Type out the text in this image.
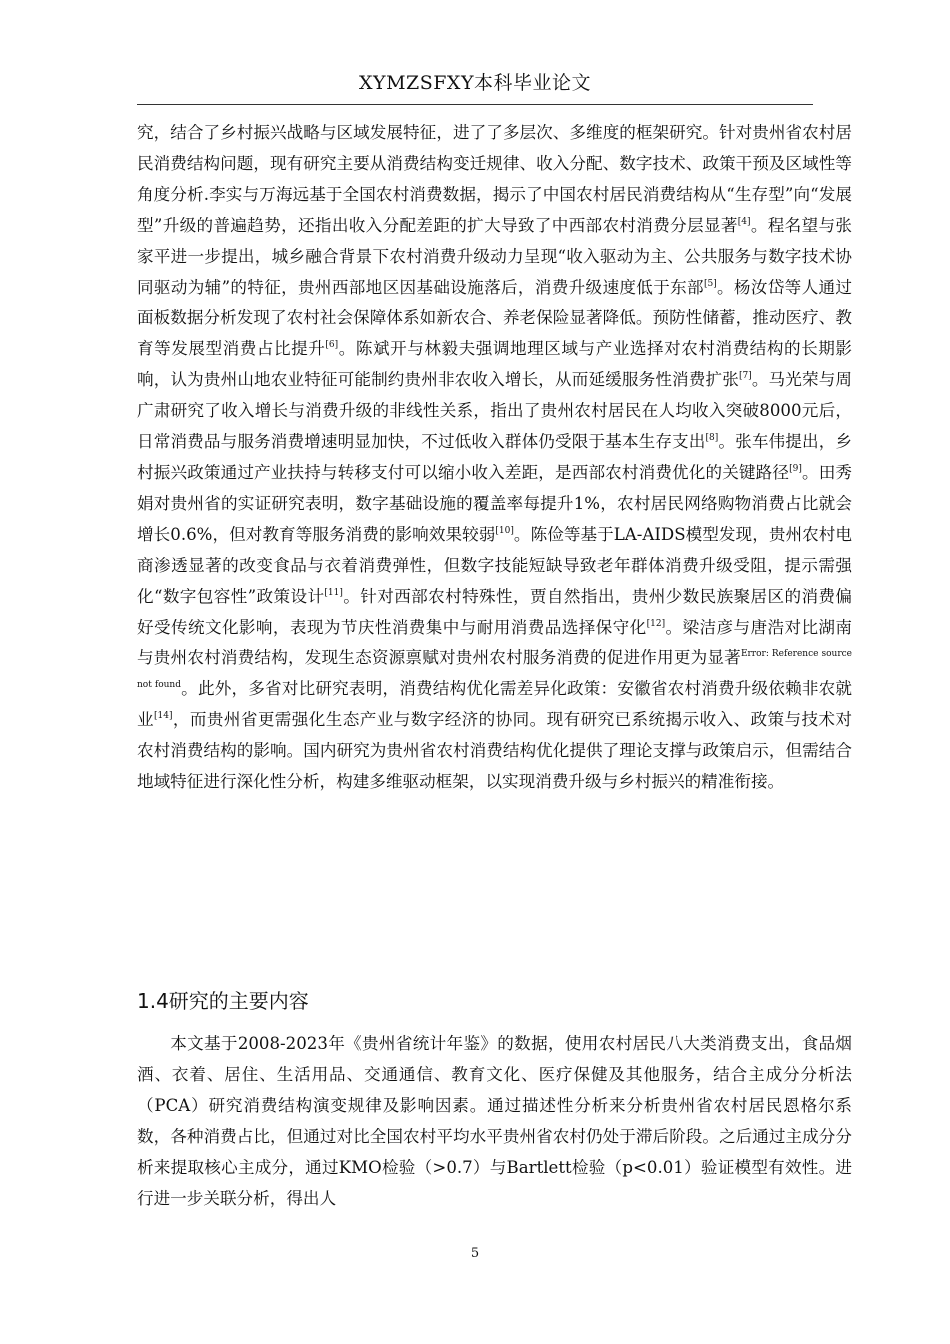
XYMZSFXY本科毕业论文

究，结合了乡村振兴战略与区域发展特征，进了了多层次、多维度的框架研究。针对贵州省农村居民消费结构问题，现有研究主要从消费结构变迁规律、收入分配、数字技术、政策干预及区域性等角度分析.李实与万海远基于全国农村消费数据，揭示了中国农村居民消费结构从“生存型”向“发展型”升级的普遍趋势，还指出收入分配差距的扩大导致了中西部农村消费分层显著[4]。程名望与张家平进一步提出，城乡融合背景下农村消费升级动力呈现“收入驱动为主、公共服务与数字技术协同驱动为辅”的特征，贵州西部地区因基础设施落后，消费升级速度低于东部[5]。杨汝岱等人通过面板数据分析发现了农村社会保障体系如新农合、养老保险显著降低。预防性储蓄，推动医疗、教育等发展型消费占比提升[6]。陈斌开与林毅夫强调地理区域与产业选择对农村消费结构的长期影响，认为贵州山地农业特征可能制约贵州非农收入增长，从而延缓服务性消费扩张[7]。马光荣与周广肃研究了收入增长与消费升级的非线性关系，指出了贵州农村居民在人均收入突破8000元后，日常消费品与服务消费增速明显加快，不过低收入群体仍受限于基本生存支出[8]。张车伟提出，乡村振兴政策通过产业扶持与转移支付可以缩小收入差距，是西部农村消费优化的关键路径[9]。田秀娟对贵州省的实证研究表明，数字基础设施的覆盖率每提升1%，农村居民网络购物消费占比就会增长0.6%，但对教育等服务消费的影响效果较弱[10]。陈俭等基于LA-AIDS模型发现，贵州农村电商渗透显著的改变食品与衣着消费弹性，但数字技能短缺导致老年群体消费升级受阻，提示需强化“数字包容性”政策设计[11]。针对西部农村特殊性，贾自然指出，贵州少数民族聚居区的消费偏好受传统文化影响，表现为节庆性消费集中与耐用消费品选择保守化[12]。梁洁彦与唐浩对比湖南与贵州农村消费结构，发现生态资源禀赋对贵州农村服务消费的促进作用更为显著$^{Error: Reference source not found}$。此外，多省对比研究表明，消费结构优化需差异化政策：安徽省农村消费升级依赖非农就业[14]，而贵州省更需强化生态产业与数字经济的协同。现有研究已系统揭示收入、政策与技术对农村消费结构的影响。国内研究为贵州省农村消费结构优化提供了理论支撑与政策启示，但需结合地域特征进行深化性分析，构建多维驱动框架，以实现消费升级与乡村振兴的精准衔接。

1.4研究的主要内容

本文基于2008-2023年《贵州省统计年鉴》的数据，使用农村居民八大类消费支出，食品烟酒、衣着、居住、生活用品、交通通信、教育文化、医疗保健及其他服务，结合主成分分析法（PCA）研究消费结构演变规律及影响因素。通过描述性分析来分析贵州省农村居民恩格尔系数，各种消费占比，但通过对比全国农村平均水平贵州省农村仍处于滞后阶段。之后通过主成分分析来提取核心主成分，通过KMO检验（>0.7）与Bartlett检验（p<0.01）验证模型有效性。进行进一步关联分析，得出人

5
